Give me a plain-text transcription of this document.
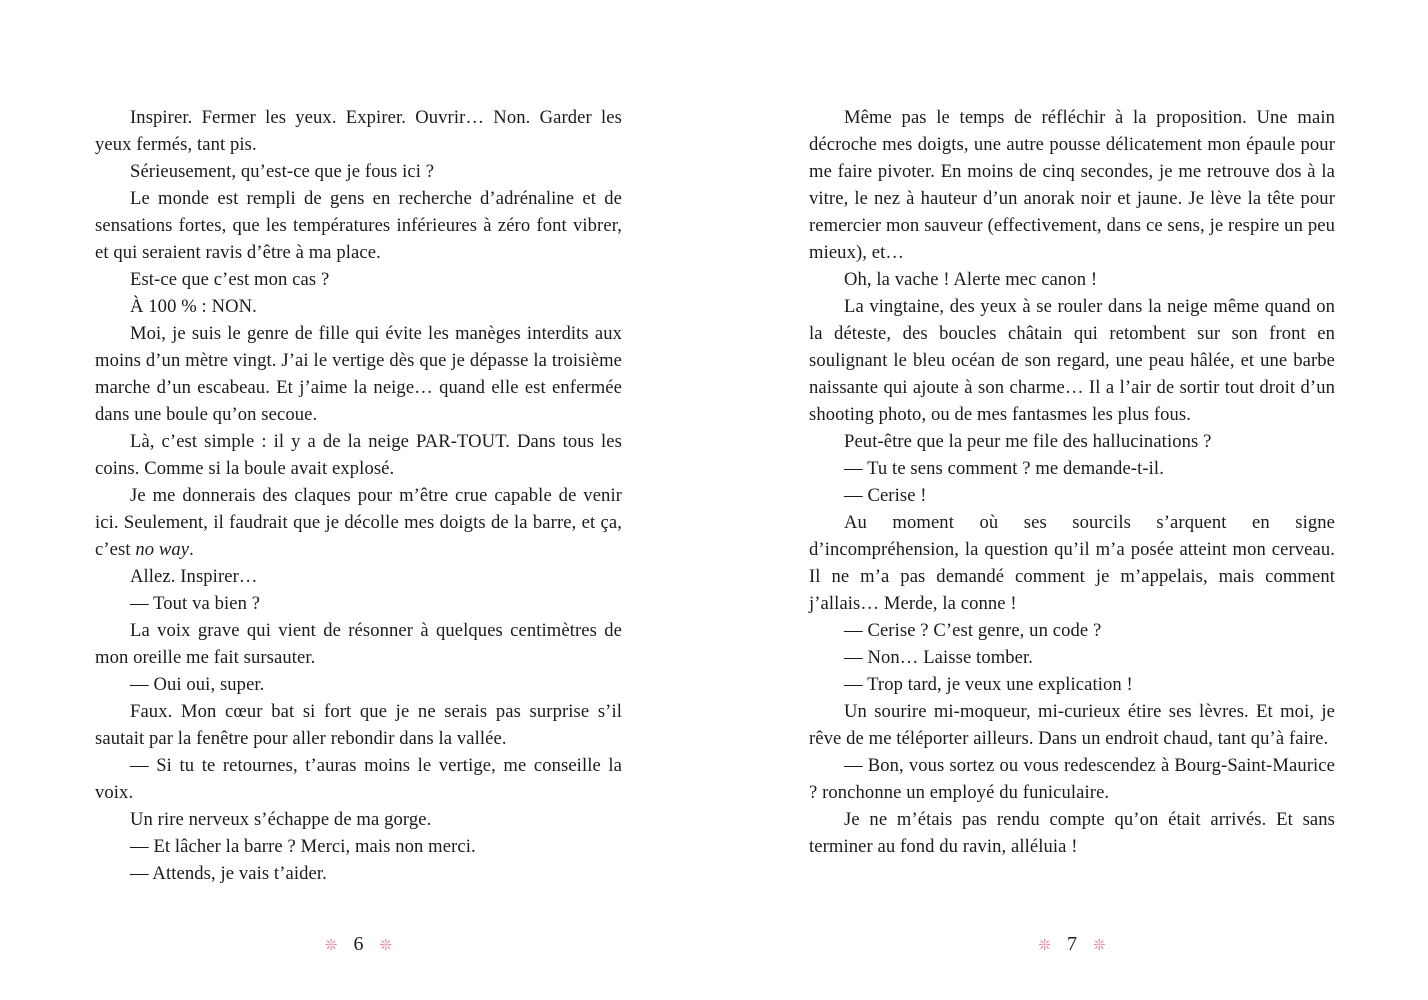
Inspirer. Fermer les yeux. Expirer. Ouvrir… Non. Garder les yeux fermés, tant pis.

Sérieusement, qu’est-ce que je fous ici ?

Le monde est rempli de gens en recherche d’adrénaline et de sensations fortes, que les températures inférieures à zéro font vibrer, et qui seraient ravis d’être à ma place.

Est-ce que c’est mon cas ?

À 100 % : NON.

Moi, je suis le genre de fille qui évite les manèges interdits aux moins d’un mètre vingt. J’ai le vertige dès que je dépasse la troisième marche d’un escabeau. Et j’aime la neige… quand elle est enfermée dans une boule qu’on secoue.

Là, c’est simple : il y a de la neige PAR-TOUT. Dans tous les coins. Comme si la boule avait explosé.

Je me donnerais des claques pour m’être crue capable de venir ici. Seulement, il faudrait que je décolle mes doigts de la barre, et ça, c’est no way.

Allez. Inspirer…

— Tout va bien ?

La voix grave qui vient de résonner à quelques centimètres de mon oreille me fait sursauter.

— Oui oui, super.

Faux. Mon cœur bat si fort que je ne serais pas surprise s’il sautait par la fenêtre pour aller rebondir dans la vallée.

— Si tu te retournes, t’auras moins le vertige, me conseille la voix.

Un rire nerveux s’échappe de ma gorge.

— Et lâcher la barre ? Merci, mais non merci.

— Attends, je vais t’aider.

Même pas le temps de réfléchir à la proposition. Une main décroche mes doigts, une autre pousse délicatement mon épaule pour me faire pivoter. En moins de cinq secondes, je me retrouve dos à la vitre, le nez à hauteur d’un anorak noir et jaune. Je lève la tête pour remercier mon sauveur (effectivement, dans ce sens, je respire un peu mieux), et…

Oh, la vache ! Alerte mec canon !

La vingtaine, des yeux à se rouler dans la neige même quand on la déteste, des boucles châtain qui retombent sur son front en soulignant le bleu océan de son regard, une peau hâlée, et une barbe naissante qui ajoute à son charme… Il a l’air de sortir tout droit d’un shooting photo, ou de mes fantasmes les plus fous.

Peut-être que la peur me file des hallucinations ?

— Tu te sens comment ? me demande-t-il.

— Cerise !

Au moment où ses sourcils s’arquent en signe d’incompréhension, la question qu’il m’a posée atteint mon cerveau. Il ne m’a pas demandé comment je m’appelais, mais comment j’allais… Merde, la conne !

— Cerise ? C’est genre, un code ?

— Non… Laisse tomber.

— Trop tard, je veux une explication !

Un sourire mi-moqueur, mi-curieux étire ses lèvres. Et moi, je rêve de me téléporter ailleurs. Dans un endroit chaud, tant qu’à faire.

— Bon, vous sortez ou vous redescendez à Bourg-Saint-Maurice ? ronchonne un employé du funiculaire.

Je ne m’étais pas rendu compte qu’on était arrivés. Et sans terminer au fond du ravin, alléluia !

❊ 6 ❊	❊ 7 ❊
